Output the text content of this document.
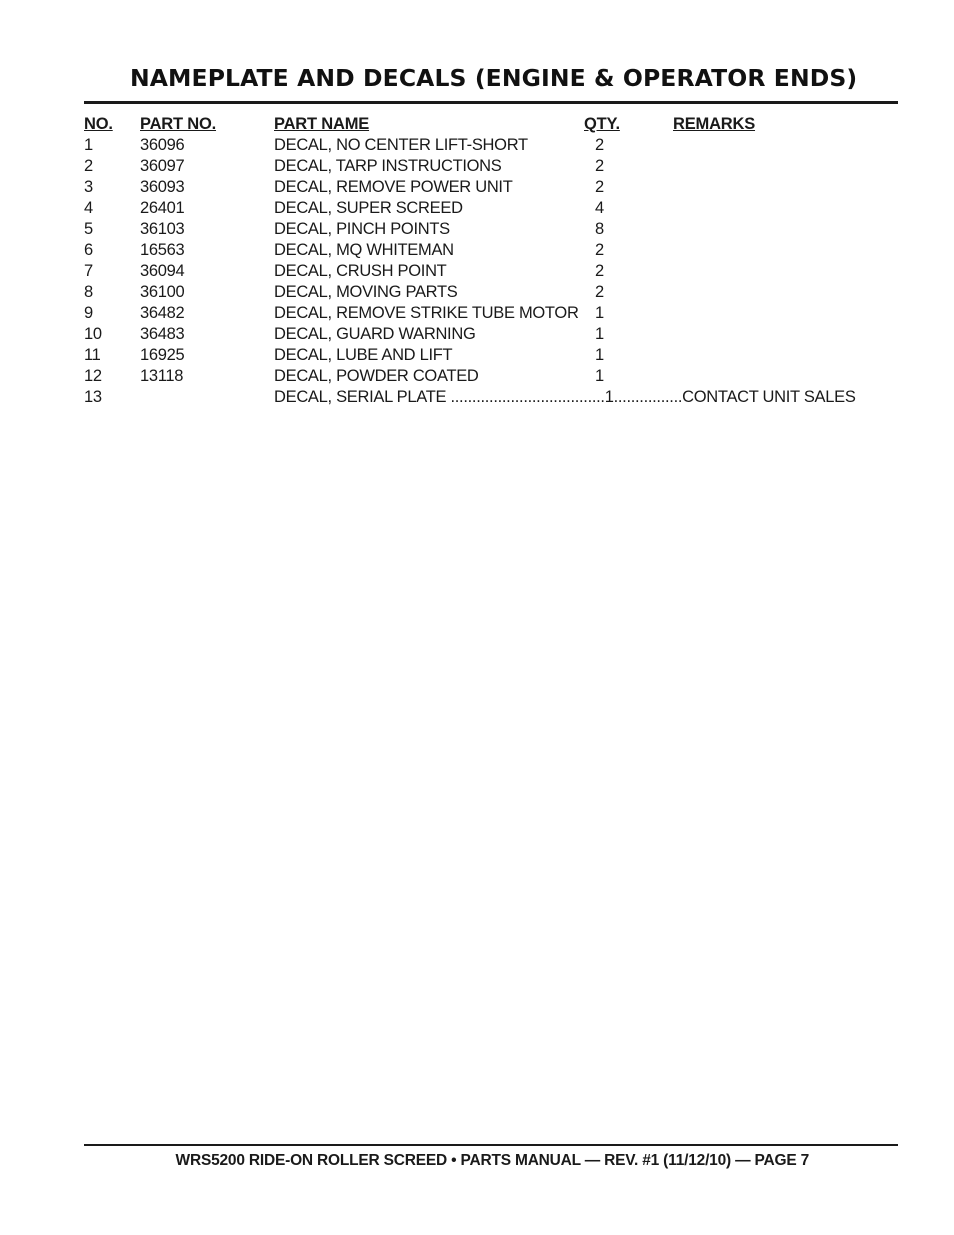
NAMEPLATE AND DECALS (ENGINE & OPERATOR ENDS)
NO. PART NO.	PART NAME	QTY.	REMARKS
1	36096	DECAL, NO CENTER LIFT-SHORT	2
2	36097	DECAL, TARP INSTRUCTIONS	2
3	36093	DECAL, REMOVE POWER UNIT	2
4	26401	DECAL, SUPER SCREED	4
5	36103	DECAL, PINCH POINTS	8
6	16563	DECAL, MQ WHITEMAN	2
7	36094	DECAL, CRUSH POINT	2
8	36100	DECAL, MOVING PARTS	2
9	36482	DECAL, REMOVE STRIKE TUBE MOTOR 1
10 36483	DECAL, GUARD WARNING	1
11 16925	DECAL, LUBE AND LIFT	1
12 13118	DECAL, POWDER COATED	1
13	DECAL, SERIAL PLATE ....................................1................CONTACT UNIT SALES
WRS5200 RIDE-ON ROLLER SCREED • PARTS MANUAL — REV. #1 (11/12/10) — PAGE 7
